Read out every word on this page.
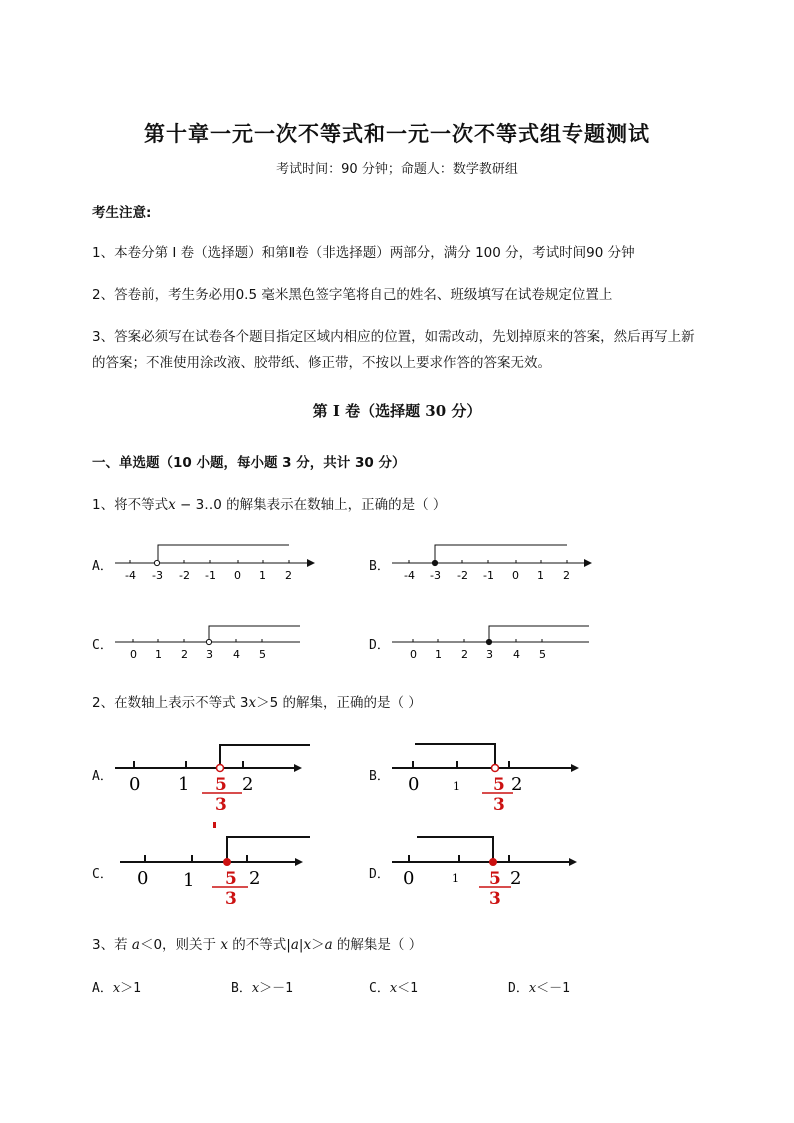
第十章一元一次不等式和一元一次不等式组专题测试
考试时间：90 分钟；命题人：数学教研组
考生注意:
1、本卷分第 I 卷（选择题）和第Ⅱ卷（非选择题）两部分，满分 100 分，考试时间90 分钟
2、答卷前，考生务必用0.5 毫米黑色签字笔将自己的姓名、班级填写在试卷规定位置上
3、答案必须写在试卷各个题目指定区域内相应的位置，如需改动，先划掉原来的答案，然后再写上新
的答案；不准使用涂改液、胶带纸、修正带，不按以上要求作答的答案无效。
第 I 卷（选择题 30 分）
一、单选题（10 小题，每小题 3 分，共计 30 分）
1、将不等式x − 3‥0 的解集表示在数轴上，正确的是（ ）
A．
-4 -3 -2 -1 0 1 2
B．
-4 -3 -2 -1 0 1 2
C．
0 1 2 3 4 5
D．
0 1 2 3 4 5
2、在数轴上表示不等式 3x＞5 的解集，正确的是（ ）
A． 0 1	2
5
3
B． 0	1	2
5
3
C． 0 1	2
5
3
D． 0	1	2
5
3
3、若 a＜0，则关于 x 的不等式|a|x＞a 的解集是（ ）
A．x＞1	B．x＞－1	C．x＜1	D．x＜－1
